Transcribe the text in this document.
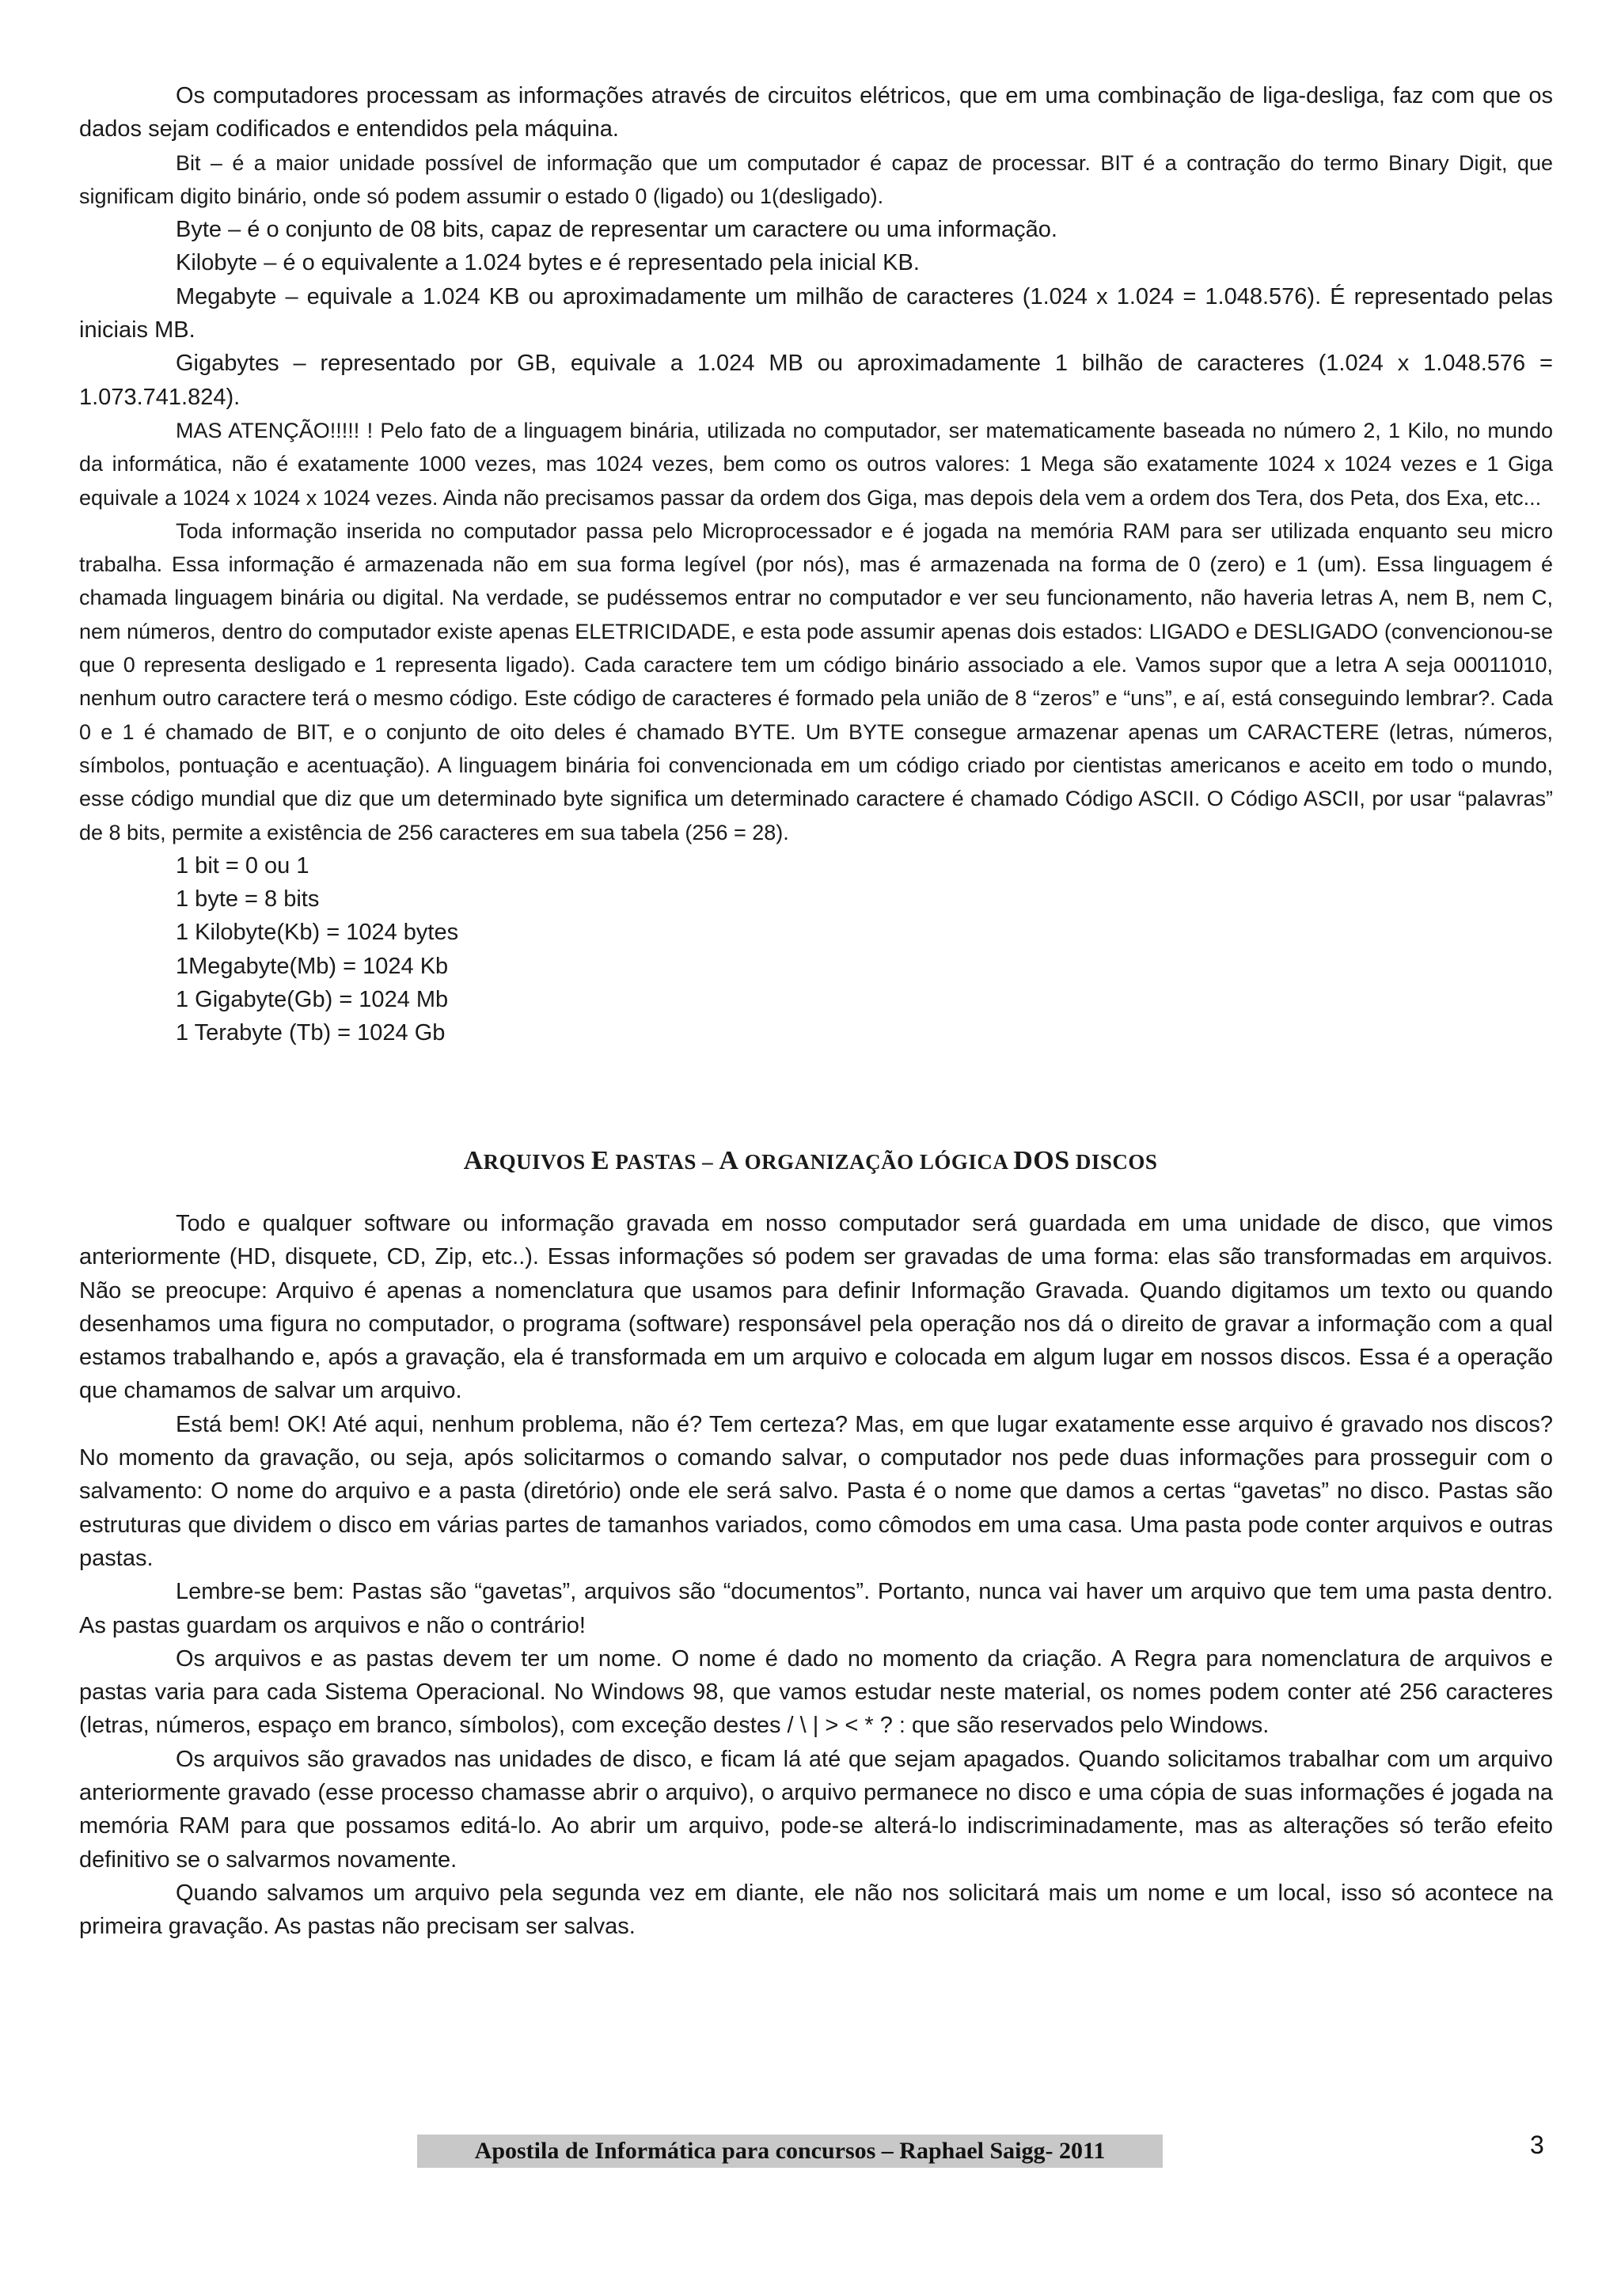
Os computadores processam as informações através de circuitos elétricos, que em uma combinação de liga-desliga, faz com que os dados sejam codificados e entendidos pela máquina.

Bit – é a maior unidade possível de informação que um computador é capaz de processar. BIT é a contração do termo Binary Digit, que significam digito binário, onde só podem assumir o estado 0 (ligado) ou 1(desligado).

Byte – é o conjunto de 08 bits, capaz de representar um caractere ou uma informação.

Kilobyte – é o equivalente a 1.024 bytes e é representado pela inicial KB.

Megabyte – equivale a 1.024 KB ou aproximadamente um milhão de caracteres (1.024 x 1.024 = 1.048.576). É representado pelas iniciais MB.

Gigabytes – representado por GB, equivale a 1.024 MB ou aproximadamente 1 bilhão de caracteres (1.024 x 1.048.576 = 1.073.741.824).

MAS ATENÇÃO!!!!! ! Pelo fato de a linguagem binária, utilizada no computador, ser matematicamente baseada no número 2, 1 Kilo, no mundo da informática, não é exatamente 1000 vezes, mas 1024 vezes, bem como os outros valores: 1 Mega são exatamente 1024 x 1024 vezes e 1 Giga equivale a 1024 x 1024 x 1024 vezes. Ainda não precisamos passar da ordem dos Giga, mas depois dela vem a ordem dos Tera, dos Peta, dos Exa, etc...

Toda informação inserida no computador passa pelo Microprocessador e é jogada na memória RAM para ser utilizada enquanto seu micro trabalha. Essa informação é armazenada não em sua forma legível (por nós), mas é armazenada na forma de 0 (zero) e 1 (um). Essa linguagem é chamada linguagem binária ou digital. Na verdade, se pudéssemos entrar no computador e ver seu funcionamento, não haveria letras A, nem B, nem C, nem números, dentro do computador existe apenas ELETRICIDADE, e esta pode assumir apenas dois estados: LIGADO e DESLIGADO (convencionou-se que 0 representa desligado e 1 representa ligado). Cada caractere tem um código binário associado a ele. Vamos supor que a letra A seja 00011010, nenhum outro caractere terá o mesmo código. Este código de caracteres é formado pela união de 8 “zeros” e “uns”, e aí, está conseguindo lembrar?. Cada 0 e 1 é chamado de BIT, e o conjunto de oito deles é chamado BYTE. Um BYTE consegue armazenar apenas um CARACTERE (letras, números, símbolos, pontuação e acentuação). A linguagem binária foi convencionada em um código criado por cientistas americanos e aceito em todo o mundo, esse código mundial que diz que um determinado byte significa um determinado caractere é chamado Código ASCII. O Código ASCII, por usar “palavras” de 8 bits, permite a existência de 256 caracteres em sua tabela (256 = 28).

1 bit = 0 ou 1
1 byte = 8 bits
1 Kilobyte(Kb) = 1024 bytes
1Megabyte(Mb) = 1024 Kb
1 Gigabyte(Gb) = 1024 Mb
1 Terabyte (Tb) = 1024 Gb
ARQUIVOS E PASTAS – A ORGANIZAÇÃO LÓGICA DOS DISCOS

Todo e qualquer software ou informação gravada em nosso computador será guardada em uma unidade de disco, que vimos anteriormente (HD, disquete, CD, Zip, etc..). Essas informações só podem ser gravadas de uma forma: elas são transformadas em arquivos. Não se preocupe: Arquivo é apenas a nomenclatura que usamos para definir Informação Gravada. Quando digitamos um texto ou quando desenhamos uma figura no computador, o programa (software) responsável pela operação nos dá o direito de gravar a informação com a qual estamos trabalhando e, após a gravação, ela é transformada em um arquivo e colocada em algum lugar em nossos discos. Essa é a operação que chamamos de salvar um arquivo.

Está bem! OK! Até aqui, nenhum problema, não é? Tem certeza? Mas, em que lugar exatamente esse arquivo é gravado nos discos? No momento da gravação, ou seja, após solicitarmos o comando salvar, o computador nos pede duas informações para prosseguir com o salvamento: O nome do arquivo e a pasta (diretório) onde ele será salvo. Pasta é o nome que damos a certas “gavetas” no disco. Pastas são estruturas que dividem o disco em várias partes de tamanhos variados, como cômodos em uma casa. Uma pasta pode conter arquivos e outras pastas.

Lembre-se bem: Pastas são “gavetas”, arquivos são “documentos”. Portanto, nunca vai haver um arquivo que tem uma pasta dentro. As pastas guardam os arquivos e não o contrário!

Os arquivos e as pastas devem ter um nome. O nome é dado no momento da criação. A Regra para nomenclatura de arquivos e pastas varia para cada Sistema Operacional. No Windows 98, que vamos estudar neste material, os nomes podem conter até 256 caracteres (letras, números, espaço em branco, símbolos), com exceção destes / \ | > < * ? : que são reservados pelo Windows.

Os arquivos são gravados nas unidades de disco, e ficam lá até que sejam apagados. Quando solicitamos trabalhar com um arquivo anteriormente gravado (esse processo chamasse abrir o arquivo), o arquivo permanece no disco e uma cópia de suas informações é jogada na memória RAM para que possamos editá-lo. Ao abrir um arquivo, pode-se alterá-lo indiscriminadamente, mas as alterações só terão efeito definitivo se o salvarmos novamente.

Quando salvamos um arquivo pela segunda vez em diante, ele não nos solicitará mais um nome e um local, isso só acontece na primeira gravação. As pastas não precisam ser salvas.

Apostila de Informática para concursos – Raphael Saigg- 2011	3
